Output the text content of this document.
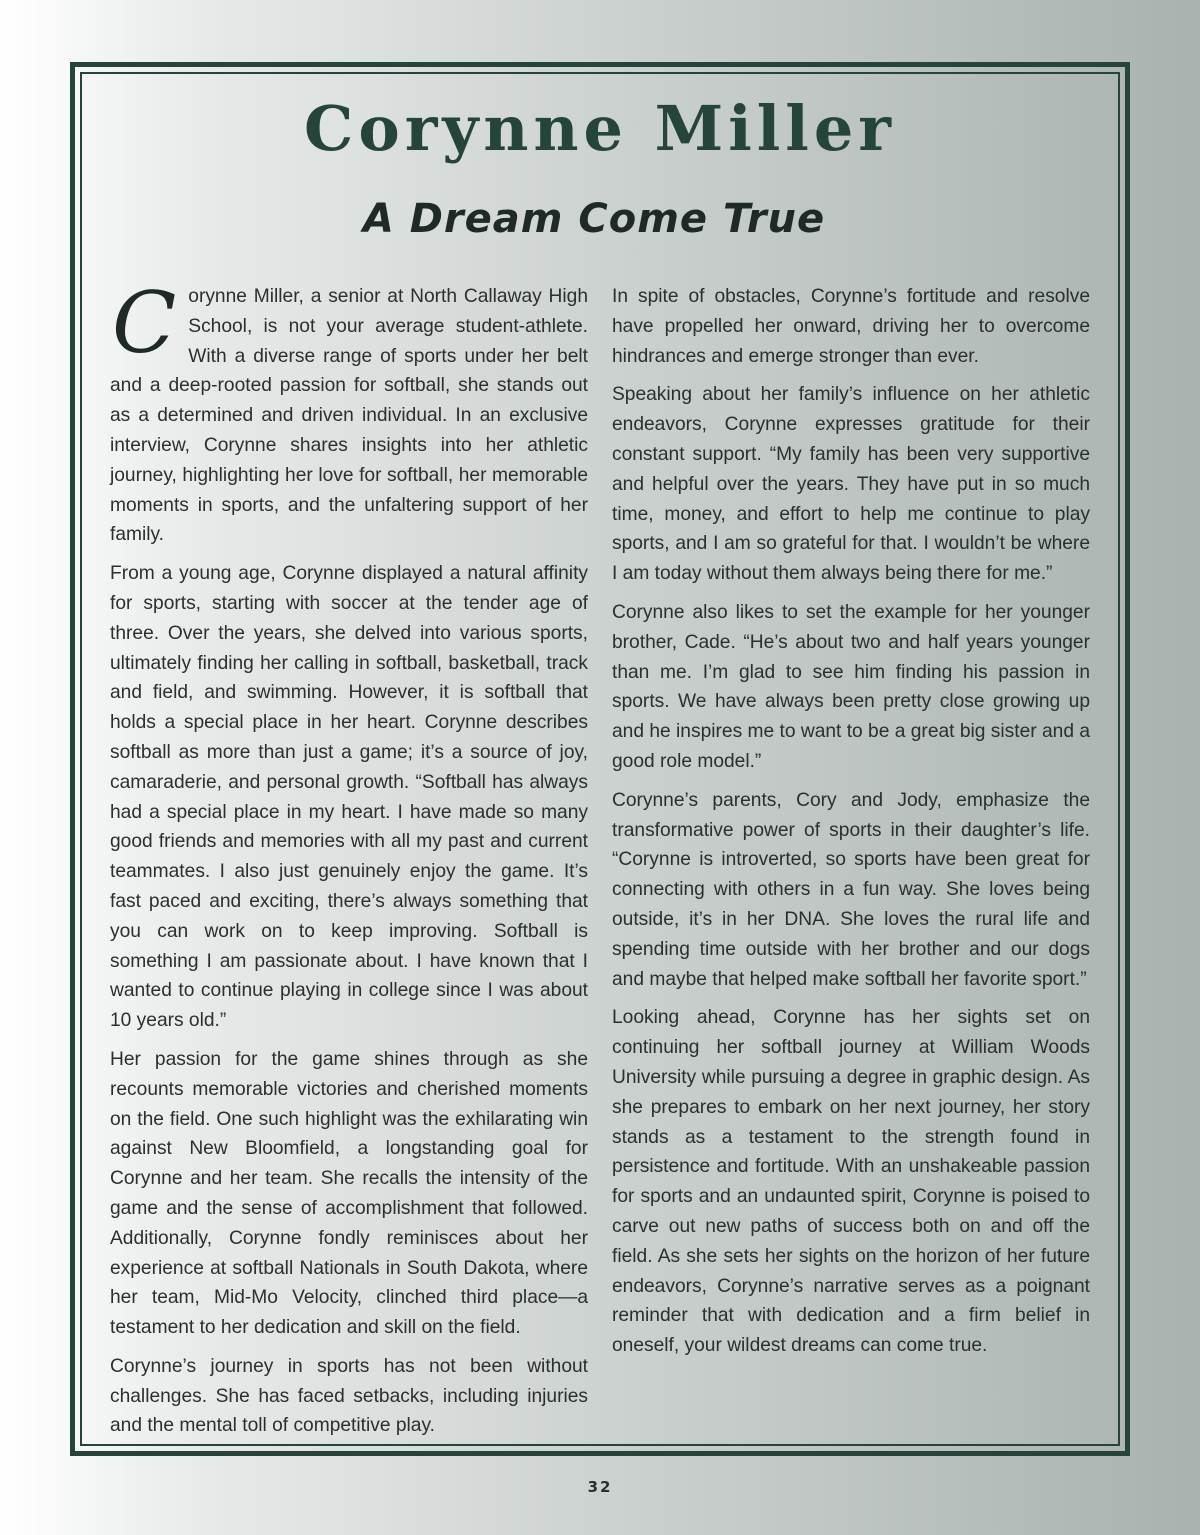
Corynne Miller
A Dream Come True

Corynne Miller, a senior at North Callaway High School, is not your average student-athlete. With a diverse range of sports under her belt and a deep-rooted passion for softball, she stands out as a determined and driven individual. In an exclusive interview, Corynne shares insights into her athletic journey, highlighting her love for softball, her memorable moments in sports, and the unfaltering support of her family.

From a young age, Corynne displayed a natural affinity for sports, starting with soccer at the tender age of three. Over the years, she delved into various sports, ultimately finding her calling in softball, basketball, track and field, and swimming. However, it is softball that holds a special place in her heart. Corynne describes softball as more than just a game; it’s a source of joy, camaraderie, and personal growth. “Softball has always had a special place in my heart. I have made so many good friends and memories with all my past and current teammates. I also just genuinely enjoy the game. It’s fast paced and exciting, there’s always something that you can work on to keep improving. Softball is something I am passionate about. I have known that I wanted to continue playing in college since I was about 10 years old.”

Her passion for the game shines through as she recounts memorable victories and cherished moments on the field. One such highlight was the exhilarating win against New Bloomfield, a longstanding goal for Corynne and her team. She recalls the intensity of the game and the sense of accomplishment that followed. Additionally, Corynne fondly reminisces about her experience at softball Nationals in South Dakota, where her team, Mid-Mo Velocity, clinched third place—a testament to her dedication and skill on the field.

Corynne’s journey in sports has not been without challenges. She has faced setbacks, including injuries and the mental toll of competitive play.

In spite of obstacles, Corynne’s fortitude and resolve have propelled her onward, driving her to overcome hindrances and emerge stronger than ever.

Speaking about her family’s influence on her athletic endeavors, Corynne expresses gratitude for their constant support. “My family has been very supportive and helpful over the years. They have put in so much time, money, and effort to help me continue to play sports, and I am so grateful for that. I wouldn’t be where I am today without them always being there for me.”

Corynne also likes to set the example for her younger brother, Cade. “He’s about two and half years younger than me. I’m glad to see him finding his passion in sports. We have always been pretty close growing up and he inspires me to want to be a great big sister and a good role model.”

Corynne’s parents, Cory and Jody, emphasize the transformative power of sports in their daughter’s life. “Corynne is introverted, so sports have been great for connecting with others in a fun way. She loves being outside, it’s in her DNA. She loves the rural life and spending time outside with her brother and our dogs and maybe that helped make softball her favorite sport.”

Looking ahead, Corynne has her sights set on continuing her softball journey at William Woods University while pursuing a degree in graphic design. As she prepares to embark on her next journey, her story stands as a testament to the strength found in persistence and fortitude. With an unshakeable passion for sports and an undaunted spirit, Corynne is poised to carve out new paths of success both on and off the field. As she sets her sights on the horizon of her future endeavors, Corynne’s narrative serves as a poignant reminder that with dedication and a firm belief in oneself, your wildest dreams can come true.

32
